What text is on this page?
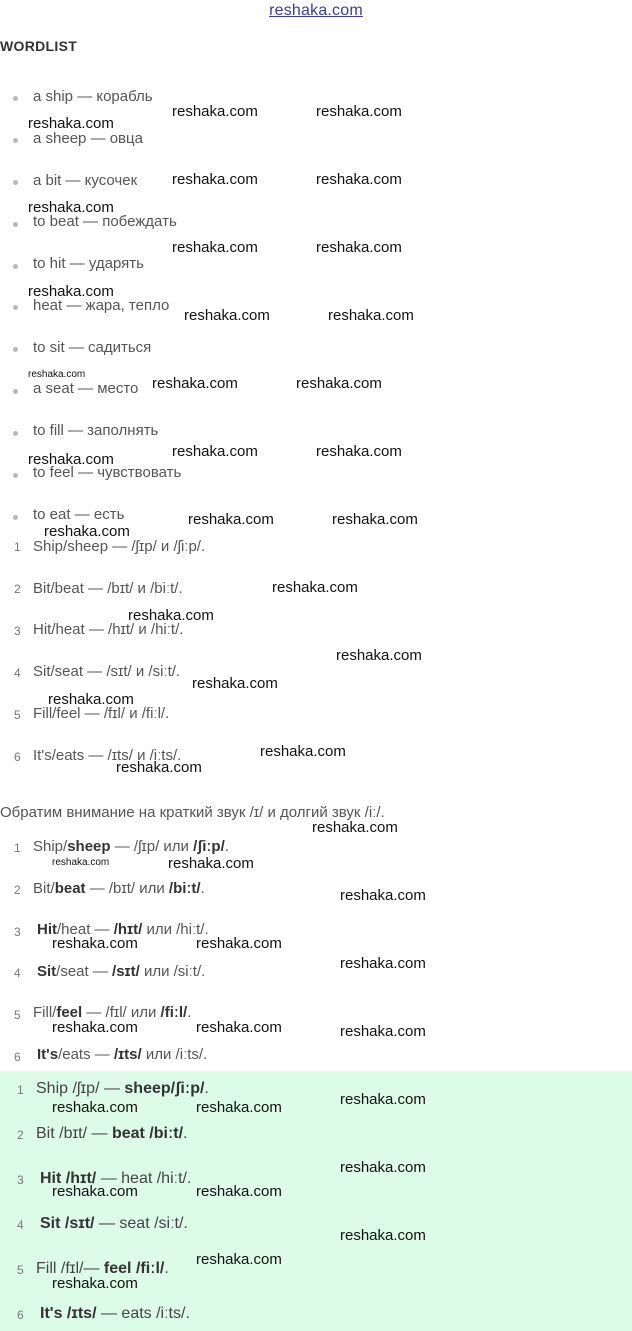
reshaka.com
WORDLIST
a ship — корабль
a sheep — овца
a bit — кусочек
to beat — побеждать
to hit — ударять
heat — жара, тепло
to sit — садиться
a seat — место
to fill — заполнять
to feel — чувствовать
to eat — есть
1 Ship/sheep — /ʃɪp/ и /ʃiːp/.
2 Bit/beat — /bɪt/ и /biːt/.
3 Hit/heat — /hɪt/ и /hiːt/.
4 Sit/seat — /sɪt/ и /siːt/.
5 Fill/feel — /fɪl/ и /fiːl/.
6 It's/eats — /ɪts/ и /iːts/.
Обратим внимание на краткий звук /ɪ/ и долгий звук /iː/.
1 Ship/sheep — /ʃɪp/ или /ʃiːp/.
2 Bit/beat — /bɪt/ или /biːt/.
3 Hit/heat — /hɪt/ или /hiːt/.
4 Sit/seat — /sɪt/ или /siːt/.
5 Fill/feel — /fɪl/ или /fiːl/.
6 It's/eats — /ɪts/ или /iːts/.
1 Ship /ʃɪp/ — sheep/ʃiːp/.
2 Bit /bɪt/ — beat /biːt/.
3 Hit /hɪt/ — heat /hiːt/.
4 Sit /sɪt/ — seat /siːt/.
5 Fill /fɪl/— feel /fiːl/.
6 It's /ɪts/ — eats /iːts/.
reshaka.com	reshaka.com
reshaka.com
reshaka.com	reshaka.com
reshaka.com
reshaka.com	reshaka.com
reshaka.com
reshaka.com	reshaka.com
reshaka.com
reshaka.com	reshaka.com
reshaka.com	reshaka.com
reshaka.com
reshaka.com	reshaka.com
reshaka.com
reshaka.com
reshaka.com
reshaka.com
reshaka.com
reshaka.com
reshaka.com
reshaka.com
reshaka.com
reshaka.com	reshaka.com
reshaka.com
reshaka.com	reshaka.com
reshaka.com
reshaka.com	reshaka.com	reshaka.com
reshaka.com
reshaka.com	reshaka.com
reshaka.com
reshaka.com	reshaka.com
reshaka.com
reshaka.com
reshaka.com
